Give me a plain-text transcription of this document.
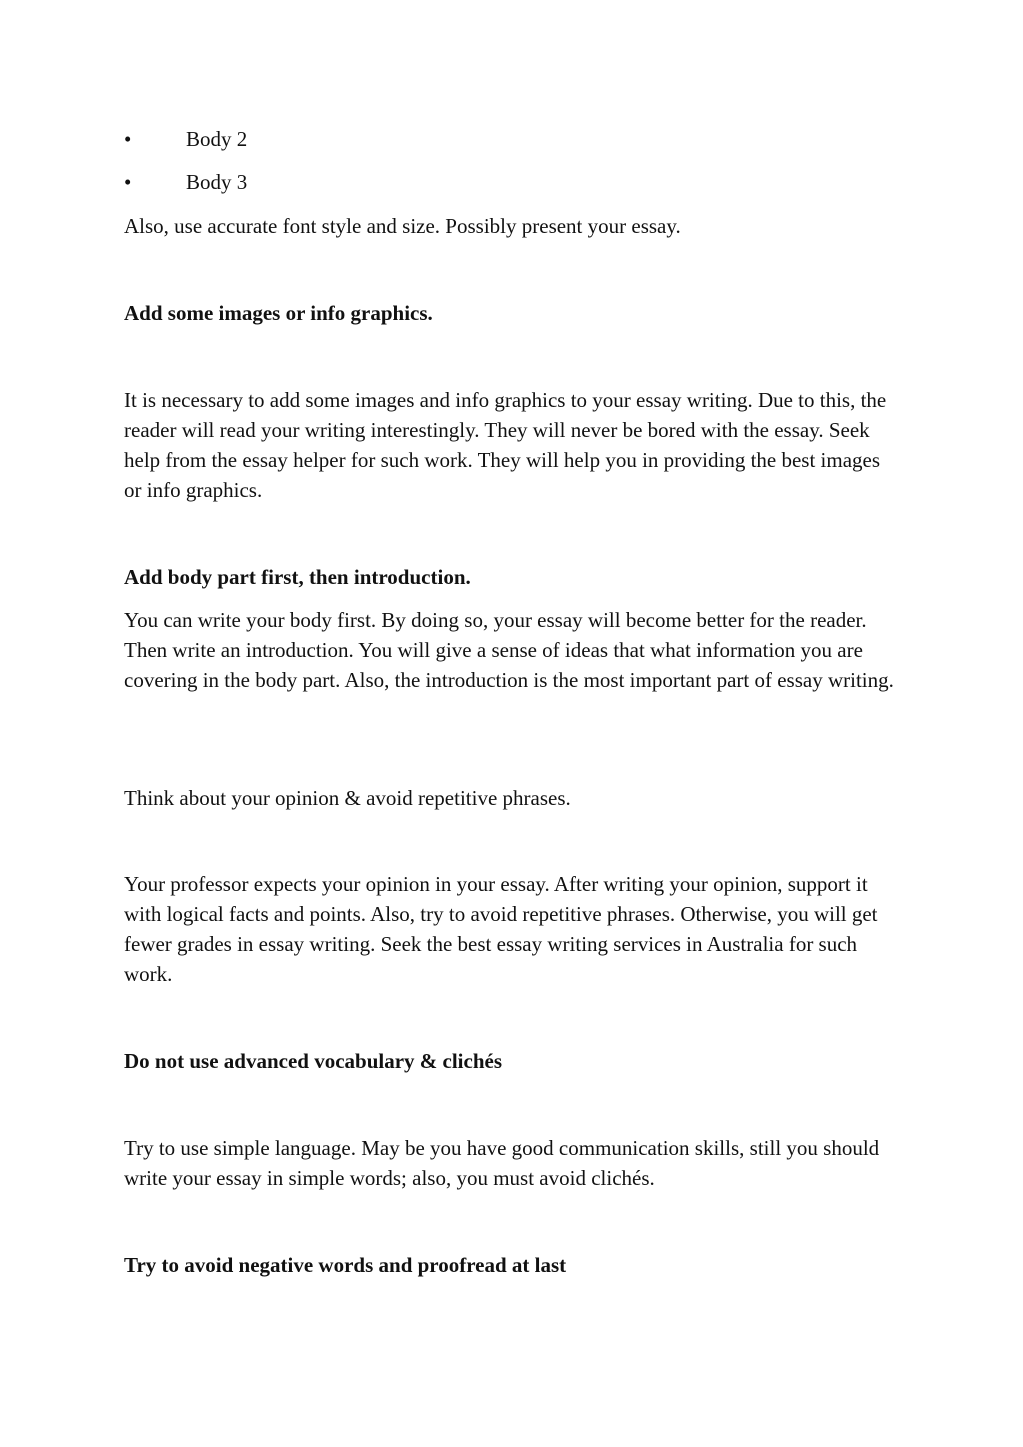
•	Body 2
•	Body 3

Also, use accurate font style and size. Possibly present your essay.

Add some images or info graphics.

It is necessary to add some images and info graphics to your essay writing. Due to this, the reader will read your writing interestingly. They will never be bored with the essay. Seek help from the essay helper for such work. They will help you in providing the best images or info graphics.

Add body part first, then introduction.

You can write your body first. By doing so, your essay will become better for the reader. Then write an introduction. You will give a sense of ideas that what information you are covering in the body part. Also, the introduction is the most important part of essay writing.

Think about your opinion & avoid repetitive phrases.

Your professor expects your opinion in your essay. After writing your opinion, support it with logical facts and points. Also, try to avoid repetitive phrases. Otherwise, you will get fewer grades in essay writing. Seek the best essay writing services in Australia for such work.

Do not use advanced vocabulary & clichés

Try to use simple language. May be you have good communication skills, still you should write your essay in simple words; also, you must avoid clichés.

Try to avoid negative words and proofread at last
